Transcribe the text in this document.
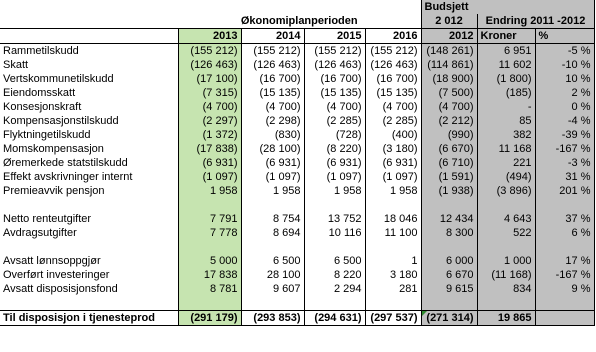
					Budsjett		
	Økonomiplanperioden				2 012	Endring 2011 -2012	
	2013	2014	2015	2016	2012	Kroner	%
Rammetilskudd	(155 212)	(155 212)	(155 212)	(155 212)	(148 261)	6 951	-5 %
Skatt	(126 463)	(126 463)	(126 463)	(126 463)	(114 861)	11 602	-10 %
Vertskommunetilskudd	(17 100)	(16 700)	(16 700)	(16 700)	(18 900)	(1 800)	10 %
Eiendomsskatt	(7 315)	(15 135)	(15 135)	(15 135)	(7 500)	(185)	2 %
Konsesjonskraft	(4 700)	(4 700)	(4 700)	(4 700)	(4 700)	-	0 %
Kompensasjonstilskudd	(2 297)	(2 298)	(2 285)	(2 285)	(2 212)	85	-4 %
Flyktningetilskudd	(1 372)	(830)	(728)	(400)	(990)	382	-39 %
Momskompensasjon	(17 838)	(28 100)	(8 220)	(3 180)	(6 670)	11 168	-167 %
Øremerkede statstilskudd	(6 931)	(6 931)	(6 931)	(6 931)	(6 710)	221	-3 %
Effekt avskrivninger internt	(1 097)	(1 097)	(1 097)	(1 097)	(1 591)	(494)	31 %
Premieavvik pensjon	1 958	1 958	1 958	1 958	(1 938)	(3 896)	201 %

Netto renteutgifter	7 791	8 754	13 752	18 046	12 434	4 643	37 %
Avdragsutgifter	7 778	8 694	10 116	11 100	8 300	522	6 %

Avsatt lønnsoppgjør	5 000	6 500	6 500	1	6 000	1 000	17 %
Overført investeringer	17 838	28 100	8 220	3 180	6 670	(11 168)	-167 %
Avsatt disposisjonsfond	8 781	9 607	2 294	281	9 615	834	9 %

Til disposisjon i tjenesteprod	(291 179)	(293 853)	(294 631)	(297 537)	(271 314)	19 865	
